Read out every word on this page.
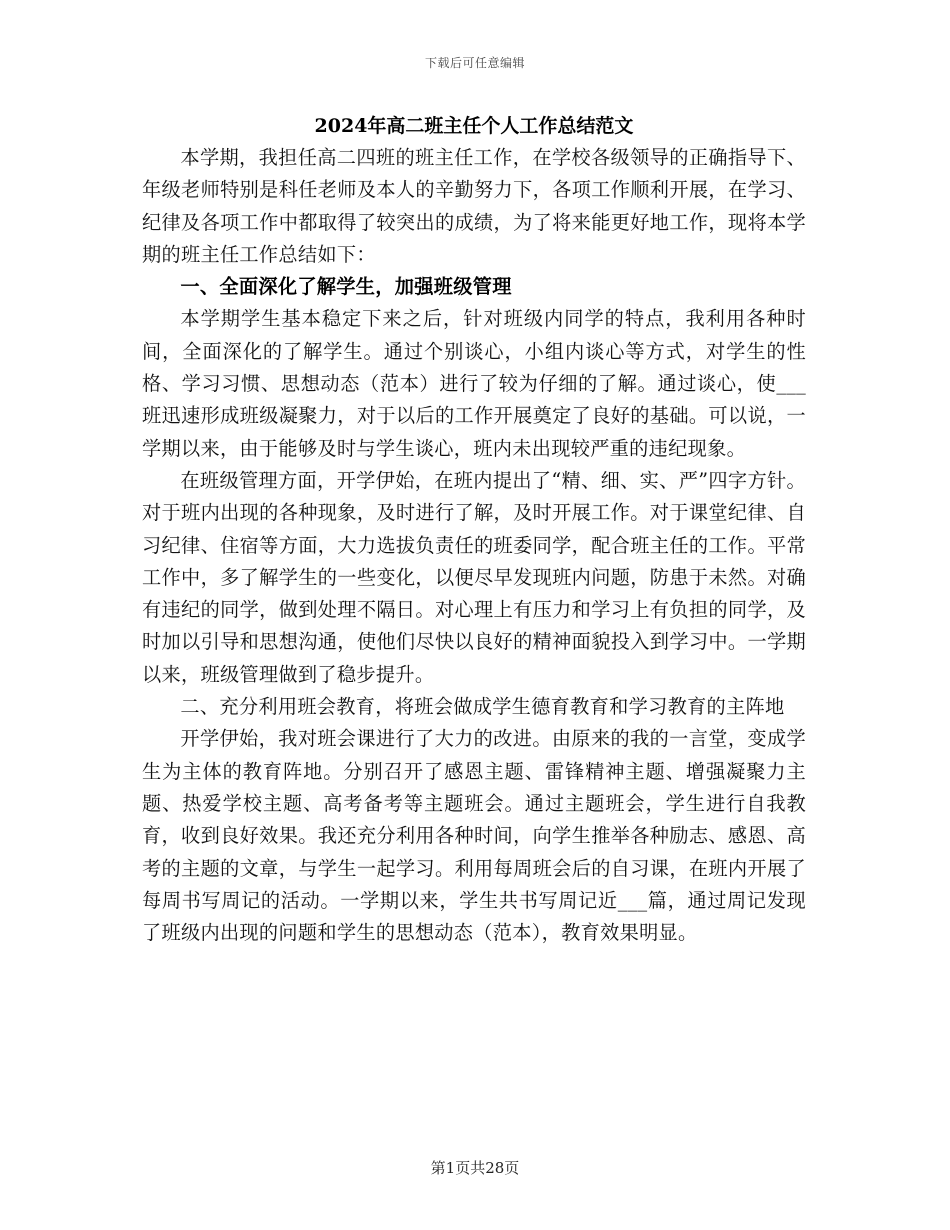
下载后可任意编辑

2024年高二班主任个人工作总结范文

本学期，我担任高二四班的班主任工作，在学校各级领导的正确指导下、年级老师特别是科任老师及本人的辛勤努力下，各项工作顺利开展，在学习、纪律及各项工作中都取得了较突出的成绩，为了将来能更好地工作，现将本学期的班主任工作总结如下：

一、全面深化了解学生，加强班级管理

本学期学生基本稳定下来之后，针对班级内同学的特点，我利用各种时间，全面深化的了解学生。通过个别谈心，小组内谈心等方式，对学生的性格、学习习惯、思想动态（范本）进行了较为仔细的了解。通过谈心，使___班迅速形成班级凝聚力，对于以后的工作开展奠定了良好的基础。可以说，一学期以来，由于能够及时与学生谈心，班内未出现较严重的违纪现象。

在班级管理方面，开学伊始，在班内提出了“精、细、实、严”四字方针。对于班内出现的各种现象，及时进行了解，及时开展工作。对于课堂纪律、自习纪律、住宿等方面，大力选拔负责任的班委同学，配合班主任的工作。平常工作中，多了解学生的一些变化，以便尽早发现班内问题，防患于未然。对确有违纪的同学，做到处理不隔日。对心理上有压力和学习上有负担的同学，及时加以引导和思想沟通，使他们尽快以良好的精神面貌投入到学习中。一学期以来，班级管理做到了稳步提升。

二、充分利用班会教育，将班会做成学生德育教育和学习教育的主阵地

开学伊始，我对班会课进行了大力的改进。由原来的我的一言堂，变成学生为主体的教育阵地。分别召开了感恩主题、雷锋精神主题、增强凝聚力主题、热爱学校主题、高考备考等主题班会。通过主题班会，学生进行自我教育，收到良好效果。我还充分利用各种时间，向学生推举各种励志、感恩、高考的主题的文章，与学生一起学习。利用每周班会后的自习课，在班内开展了每周书写周记的活动。一学期以来，学生共书写周记近___篇，通过周记发现了班级内出现的问题和学生的思想动态（范本），教育效果明显。

第1页共28页
